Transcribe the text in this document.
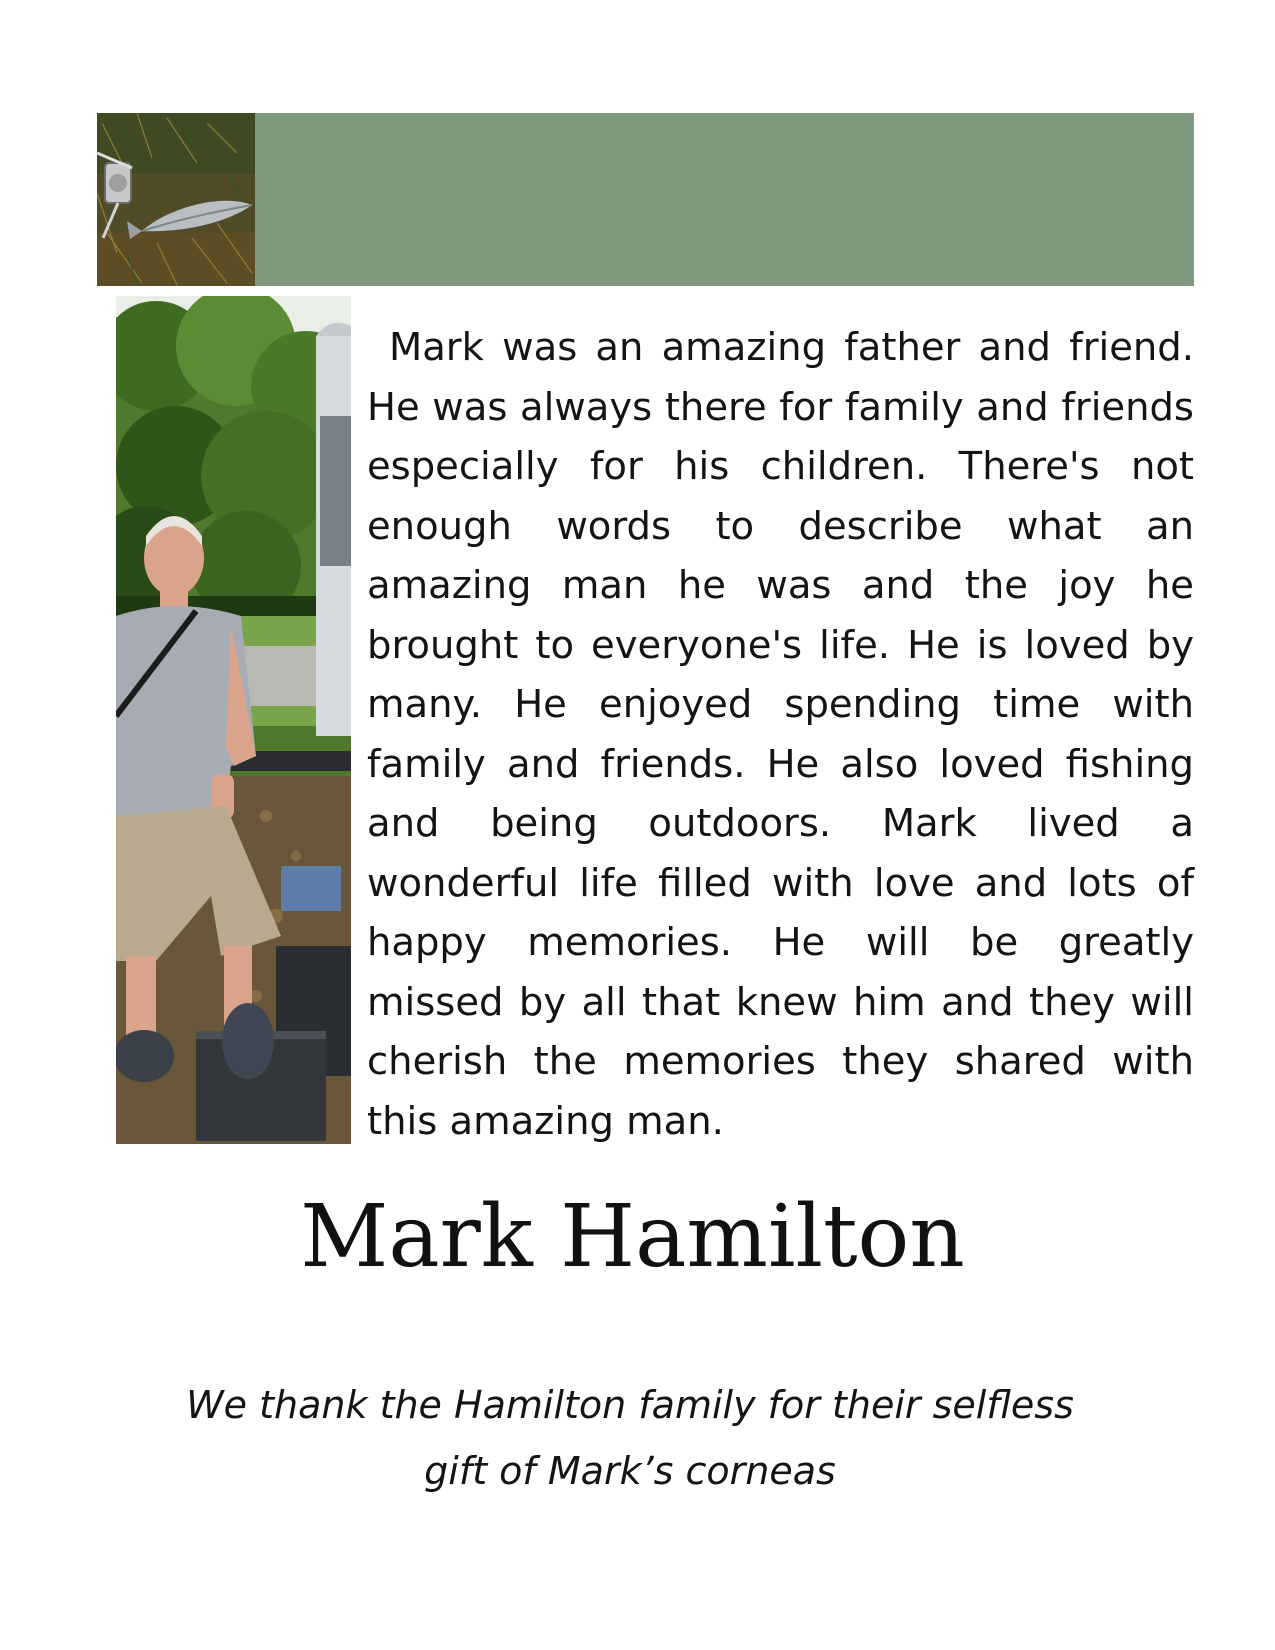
Mark was an amazing father and friend. He was always there for family and friends especially for his children. There's not enough words to describe what an amazing man he was and the joy he brought to everyone's life. He is loved by many. He enjoyed spending time with family and friends. He also loved fishing and being outdoors. Mark lived a wonderful life filled with love and lots of happy memories. He will be greatly missed by all that knew him and they will cherish the memories they shared with this amazing man.

Mark Hamilton
We thank the Hamilton family for their selfless
gift of Mark’s corneas
